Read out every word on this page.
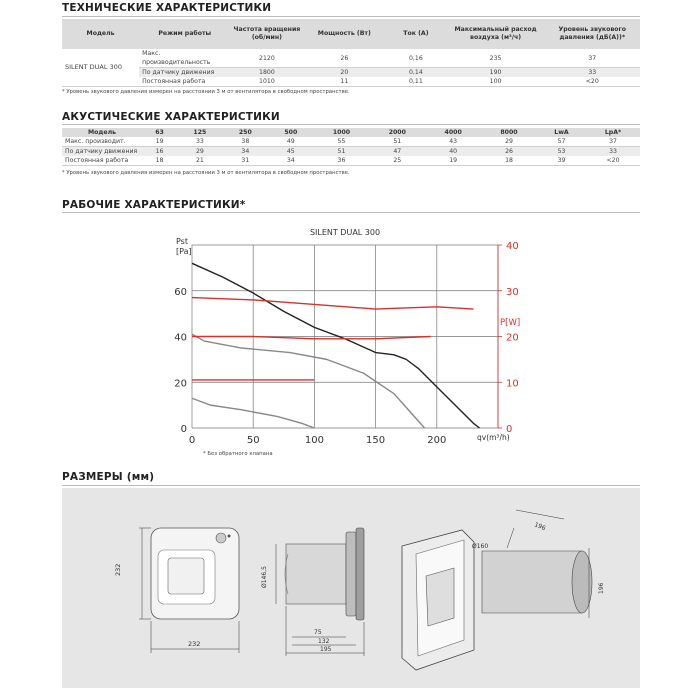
ТЕХНИЧЕСКИЕ ХАРАКТЕРИСТИКИ
Модель	Режим работы	Частота вращения (об/мин)	Мощность (Вт)	Ток (А)	Максимальный расход воздуха (м³/ч)	Уровень звукового давления (дБ(А))*
SILENT DUAL 300	Макс. производительность	2120	26	0,16	235	37
	По датчику движения	1800	20	0,14	190	33
	Постоянная работа	1010	11	0,11	100	<20
* Уровень звукового давления измерен на расстоянии 3 м от вентилятора в свободном пространстве.
АКУСТИЧЕСКИЕ ХАРАКТЕРИСТИКИ
Модель	63	125	250	500	1000	2000	4000	8000	LwA	LpA*
Макс. производит.	19	33	38	49	55	51	43	29	57	37
По датчику движения	16	29	34	45	51	47	40	26	53	33
Постоянная работа	18	21	31	34	36	25	19	18	39	<20
* Уровень звукового давления измерен на расстоянии 3 м от вентилятора в свободном пространстве.
РАБОЧИЕ ХАРАКТЕРИСТИКИ*
SILENT DUAL 300
Pst
[Pa]
P[W]
qv(m³/h)
0	50	100	150	200
0
20
40
60
0
10
20
30
40
* Без обратного клапана
РАЗМЕРЫ (мм)
232
232
Ø146,5
75
132
195
Ø160
196
196
